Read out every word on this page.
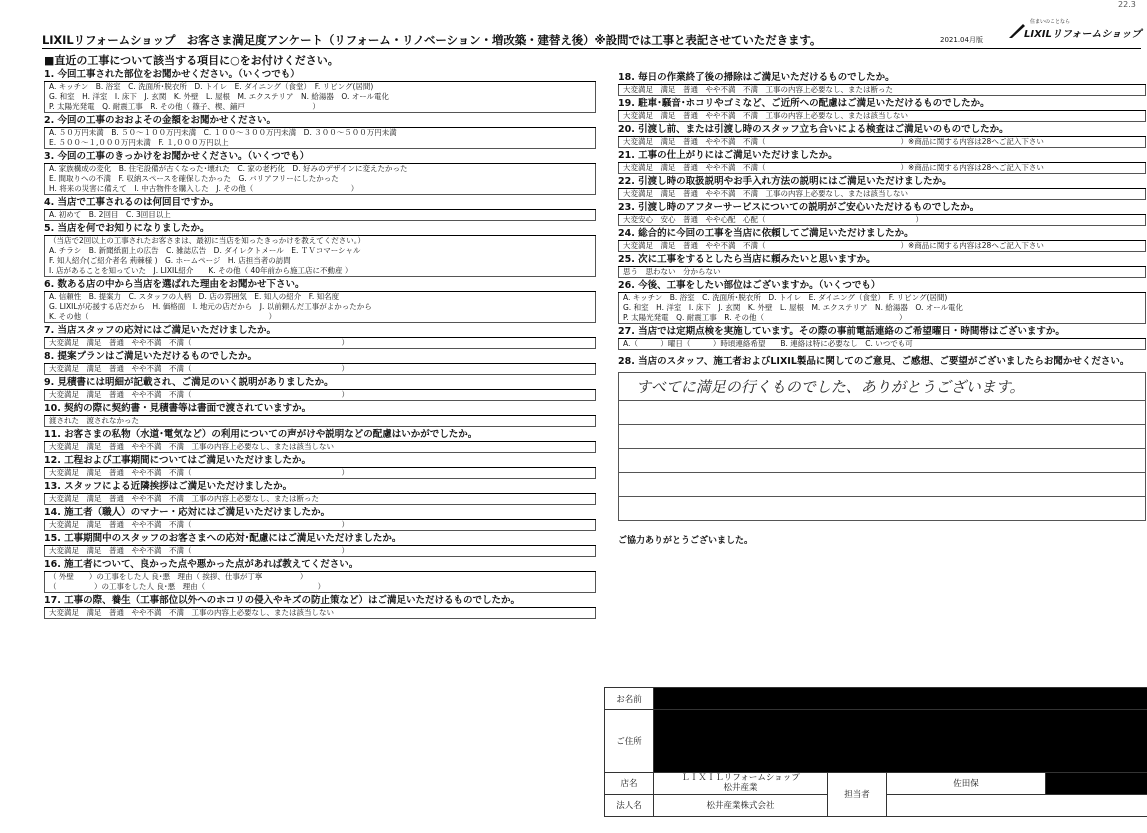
LIXILリフォームショップ　お客さま満足度アンケート（リフォーム・リノベーション・増改築・建替え後）※設問では工事と表記させていただきます。	2021.04月版
住まいのことなら
LIXILリフォームショップ
22.3
■直近の工事について該当する項目に○をお付けください。
1. 今回工事された部位をお聞かせください。（いくつでも）
A. キッチン　B. 浴室　C. 洗面所･脱衣所　D. トイレ　E. ダイニング（食堂）　F. リビング(居間)
G. 和室　H. 洋室　I. 床下　J. 玄関　K. 外壁　L. 屋根　M. エクステリア　N. 給湯器　O. オール電化
P. 太陽光発電　Q. 耐震工事　R. その他（ 篠子、楔、鋪戸　　　　　　　　　）
2. 今回の工事のおおよその金額をお聞かせください。
A. ５０万円未満　B. ５０～１００万円未満　C. １００～３００万円未満　D. ３００～５００万円未満
E. ５００～１,０００万円未満　F. １,０００万円以上
3. 今回の工事のきっかけをお聞かせください。（いくつでも）
A. 家族構成の変化　B. 住宅設備が古くなった･壊れた　C. 家の老朽化　D. 好みのデザインに変えたかった
E. 間取りへの不満　F. 収納スペースを確保したかった　G. バリアフリーにしたかった
H. 将来の災害に備えて　I. 中古物件を購入した　J. その他（　　　　　　　　　　　　　）
4. 当店で工事されるのは何回目ですか。
A. 初めて　B. 2回目　C. 3回目以上
5. 当店を何でお知りになりましたか。
（当店で2回以上の工事されたお客さまは、最初に当店を知ったきっかけを教えてください。）
A. チラシ　B. 新聞紙面上の広告　C. 雑誌広告　D. ダイレクトメール　E. ＴＶコマーシャル
F. 知人紹介(ご紹介者名 荊棘様 )　G. ホームページ　H. 店担当者の訪問
I. 店があることを知っていた　J. LIXIL紹介　　K. その他（ 40年前から施工店に不動産 ）
6. 数ある店の中から当店を選ばれた理由をお聞かせ下さい。
A. 信頼性　B. 提案力　C. スタッフの人柄　D. 店の雰囲気　E. 知人の紹介　F. 知名度
G. LIXILが応援する店だから　H. 価格面　I. 地元の店だから　J. 以前頼んだ工事がよかったから
K. その他（　　　　　　　　　　　　　　　　　　　　　　　　）
7. 当店スタッフの応対にはご満足いただけましたか。
大変満足　満足　普通　やや不満　不満（　　　　　　　　　　　　　　　　　　　　）
8. 提案プランはご満足いただけるものでしたか。
大変満足　満足　普通　やや不満　不満（　　　　　　　　　　　　　　　　　　　　）
9. 見積書には明細が記載され、ご満足のいく説明がありましたか。
大変満足　満足　普通　やや不満　不満（　　　　　　　　　　　　　　　　　　　　）
10. 契約の際に契約書・見積書等は書面で渡されていますか。
渡された　渡されなかった
11. お客さまの私物（水道･電気など）の利用についての声がけや説明などの配慮はいかがでしたか。
大変満足　満足　普通　やや不満　不満　工事の内容上必要なし、または該当しない
12. 工程および工事期間についてはご満足いただけましたか。
大変満足　満足　普通　やや不満　不満（　　　　　　　　　　　　　　　　　　　　）
13. スタッフによる近隣挨拶はご満足いただけましたか。
大変満足　満足　普通　やや不満　不満　工事の内容上必要なし、または断った
14. 施工者（職人）のマナー・応対にはご満足いただけましたか。
大変満足　満足　普通　やや不満　不満（　　　　　　　　　　　　　　　　　　　　）
15. 工事期間中のスタッフのお客さまへの応対･配慮にはご満足いただけましたか。
大変満足　満足　普通　やや不満　不満（　　　　　　　　　　　　　　　　　　　　）
16. 施工者について、良かった点や悪かった点があれば教えてください。
（ 外壁　　）の工事をした人 良･悪　理由（ 挨拶、仕事が丁寧　　　　　）
（　　　　　）の工事をした人 良･悪　理由（　　　　　　　　　　　　　　　）
17. 工事の際、養生（工事部位以外へのホコリの侵入やキズの防止策など）はご満足いただけるものでしたか。
大変満足　満足　普通　やや不満　不満　工事の内容上必要なし、または該当しない
18. 毎日の作業終了後の掃除はご満足いただけるものでしたか。
大変満足　満足　普通　やや不満　不満　工事の内容上必要なし、または断った
19. 駐車･騒音･ホコリやゴミなど、ご近所への配慮はご満足いただけるものでしたか。
大変満足　満足　普通　やや不満　不満　工事の内容上必要なし、または該当しない
20. 引渡し前、または引渡し時のスタッフ立ち合いによる検査はご満足いのものでしたか。
大変満足　満足　普通　やや不満　不満（　　　　　　　　　　　　　　　　　　）※商品に関する内容は28へご記入下さい
21. 工事の仕上がりにはご満足いただけましたか。
大変満足　満足　普通　やや不満　不満（　　　　　　　　　　　　　　　　　　）※商品に関する内容は28へご記入下さい
22. 引渡し時の取扱説明やお手入れ方法の説明にはご満足いただけましたか。
大変満足　満足　普通　やや不満　不満　工事の内容上必要なし、または該当しない
23. 引渡し時のアフターサービスについての説明がご安心いただけるものでしたか。
大変安心　安心　普通　やや心配　心配（　　　　　　　　　　　　　　　　　　　　）
24. 総合的に今回の工事を当店に依頼してご満足いただけましたか。
大変満足　満足　普通　やや不満　不満（　　　　　　　　　　　　　　　　　　）※商品に関する内容は28へご記入下さい
25. 次に工事をするとしたら当店に頼みたいと思いますか。
思う　思わない　分からない
26. 今後、工事をしたい部位はございますか。（いくつでも）
A. キッチン　B. 浴室　C. 洗面所･脱衣所　D. トイレ　E. ダイニング（食堂）　F. リビング(居間)
G. 和室　H. 洋室　I. 床下　J. 玄関　K. 外壁　L. 屋根　M. エクステリア　N. 給湯器　O. オール電化
P. 太陽光発電　Q. 耐震工事　R. その他（　　　　　　　　　　　　　　　　　　）
27. 当店では定期点検を実施しています。その際の事前電話連絡のご希望曜日・時間帯はございますか。
A.（　　　）曜日（　　　）時頃連絡希望　　B. 連絡は特に必要なし　C. いつでも可
28. 当店のスタッフ、施工者およびLIXIL製品に関してのご意見、ご感想、ご要望がございましたらお聞かせください。
すべてに満足の行くものでした、ありがとうございます。
ご協力ありがとうございました。
お名前				
ご住所				
店名	ＬＩＸＩＬリフォームショップ
松井産業	担当者	佐田保	
法人名	松井産業株式会社			
